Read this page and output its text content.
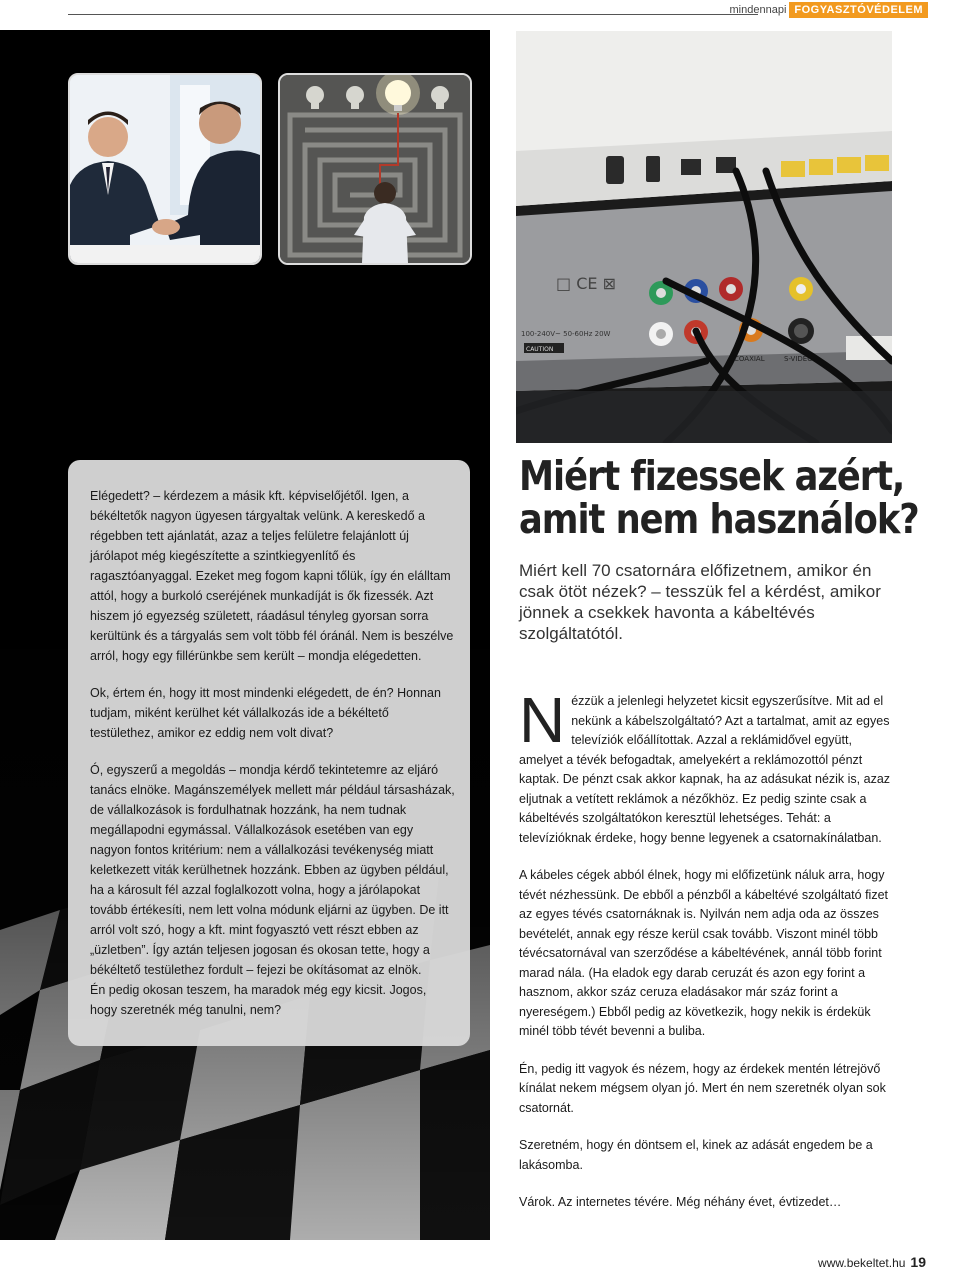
mindennapi FOGYASZTÓVÉDELEM

Elégedett? – kérdezem a másik kft. képviselőjétől. Igen, a békéltetők nagyon ügyesen tárgyaltak velünk. A kereskedő a régebben tett ajánlatát, azaz a teljes felületre felajánlott új járólapot még kiegészítette a szintkiegyenlítő és ragasztóanyaggal. Ezeket meg fogom kapni tőlük, így én elálltam attól, hogy a burkoló cseréjének munkadíját is ők fizessék. Azt hiszem jó egyezség született, ráadásul tényleg gyorsan sorra kerültünk és a tárgyalás sem volt több fél óránál. Nem is beszélve arról, hogy egy fillérünkbe sem került – mondja elégedetten.

Ok, értem én, hogy itt most mindenki elégedett, de én? Honnan tudjam, miként kerülhet két vállalkozás ide a békéltető testülethez, amikor ez eddig nem volt divat?

Ó, egyszerű a megoldás – mondja kérdő tekintetemre az eljáró tanács elnöke. Magánszemélyek mellett már például társasházak, de vállalkozások is fordulhatnak hozzánk, ha nem tudnak megállapodni egymással. Vállalkozások esetében van egy nagyon fontos kritérium: nem a vállalkozási tevékenység miatt keletkezett viták kerülhetnek hozzánk. Ebben az ügyben például, ha a károsult fél azzal foglalkozott volna, hogy a járólapokat tovább értékesíti, nem lett volna módunk eljárni az ügyben. De itt arról volt szó, hogy a kft. mint fogyasztó vett részt ebben az „üzletben”. Így aztán teljesen jogosan és okosan tette, hogy a békéltető testülethez fordult – fejezi be okításomat az elnök.

Én pedig okosan teszem, ha maradok még egy kicsit. Jogos, hogy szeretnék még tanulni, nem?

□ CE ⊠
100-240V~ 50-60Hz 20W
CAUTION
COAXIAL	S-VIDEO
Miért fizessek azért,
amit nem használok?

Miért kell 70 csatornára előfizetnem, amikor én csak ötöt nézek? – tesszük fel a kérdést, amikor jönnek a csekkek havonta a kábeltévés szolgáltatótól.

Nézzük a jelenlegi helyzetet kicsit egyszerűsítve. Mit ad el nekünk a kábelszolgáltató? Azt a tartalmat, amit az egyes televíziók előállítottak. Azzal a reklámidővel együtt, amelyet a tévék befogadtak, amelyekért a reklámozottól pénzt kaptak. De pénzt csak akkor kapnak, ha az adásukat nézik is, azaz eljutnak a vetített reklámok a nézőkhöz. Ez pedig szinte csak a kábeltévés szolgáltatókon keresztül lehetséges. Tehát: a televízióknak érdeke, hogy benne legyenek a csatornakínálatban.

A kábeles cégek abból élnek, hogy mi előfizetünk náluk arra, hogy tévét nézhessünk. De ebből a pénzből a kábeltévé szolgáltató fizet az egyes tévés csatornáknak is. Nyilván nem adja oda az összes bevételét, annak egy része kerül csak tovább. Viszont minél több tévécsatornával van szerződése a kábeltévének, annál több forint marad nála. (Ha eladok egy darab ceruzát és azon egy forint a hasznom, akkor száz ceruza eladásakor már száz forint a nyereségem.) Ebből pedig az következik, hogy nekik is érdekük minél több tévét bevenni a buliba.

Én, pedig itt vagyok és nézem, hogy az érdekek mentén létrejövő kínálat nekem mégsem olyan jó. Mert én nem szeretnék olyan sok csatornát.

Szeretném, hogy én döntsem el, kinek az adását engedem be a lakásomba.

Várok. Az internetes tévére. Még néhány évet, évtizedet…

www.bekeltet.hu 19
